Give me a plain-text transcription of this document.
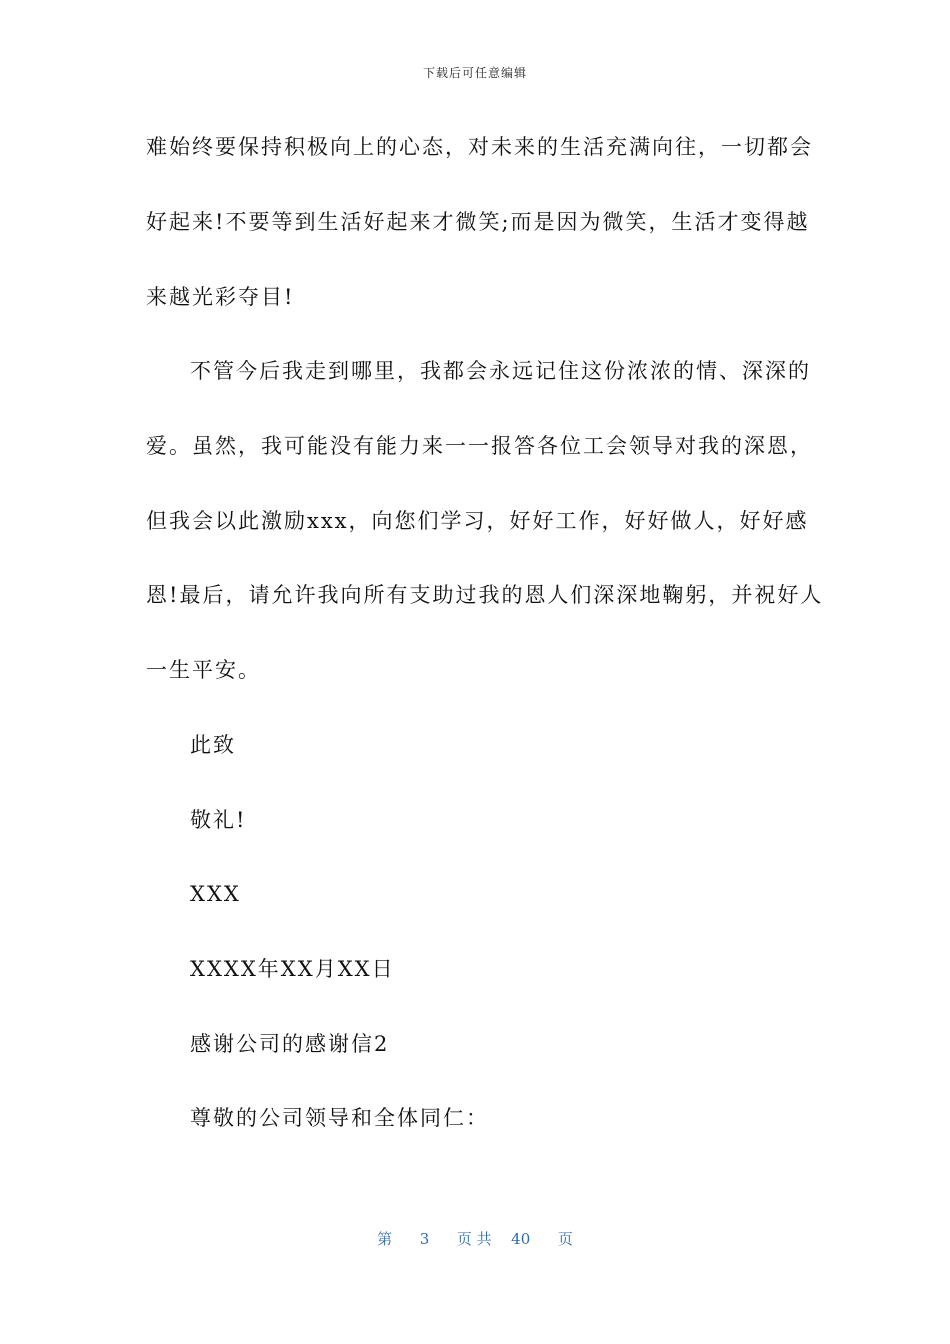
下载后可任意编辑
难始终要保持积极向上的心态，对未来的生活充满向往，一切都会
好起来!不要等到生活好起来才微笑;而是因为微笑，生活才变得越
来越光彩夺目!
不管今后我走到哪里，我都会永远记住这份浓浓的情、深深的
爱。虽然，我可能没有能力来一一报答各位工会领导对我的深恩，
但我会以此激励xxx，向您们学习，好好工作，好好做人，好好感
恩!最后，请允许我向所有支助过我的恩人们深深地鞠躬，并祝好人
一生平安。
此致
敬礼!
XXX
XXXX年XX月XX日
感谢公司的感谢信2
尊敬的公司领导和全体同仁：
第 3 页 共 40 页
